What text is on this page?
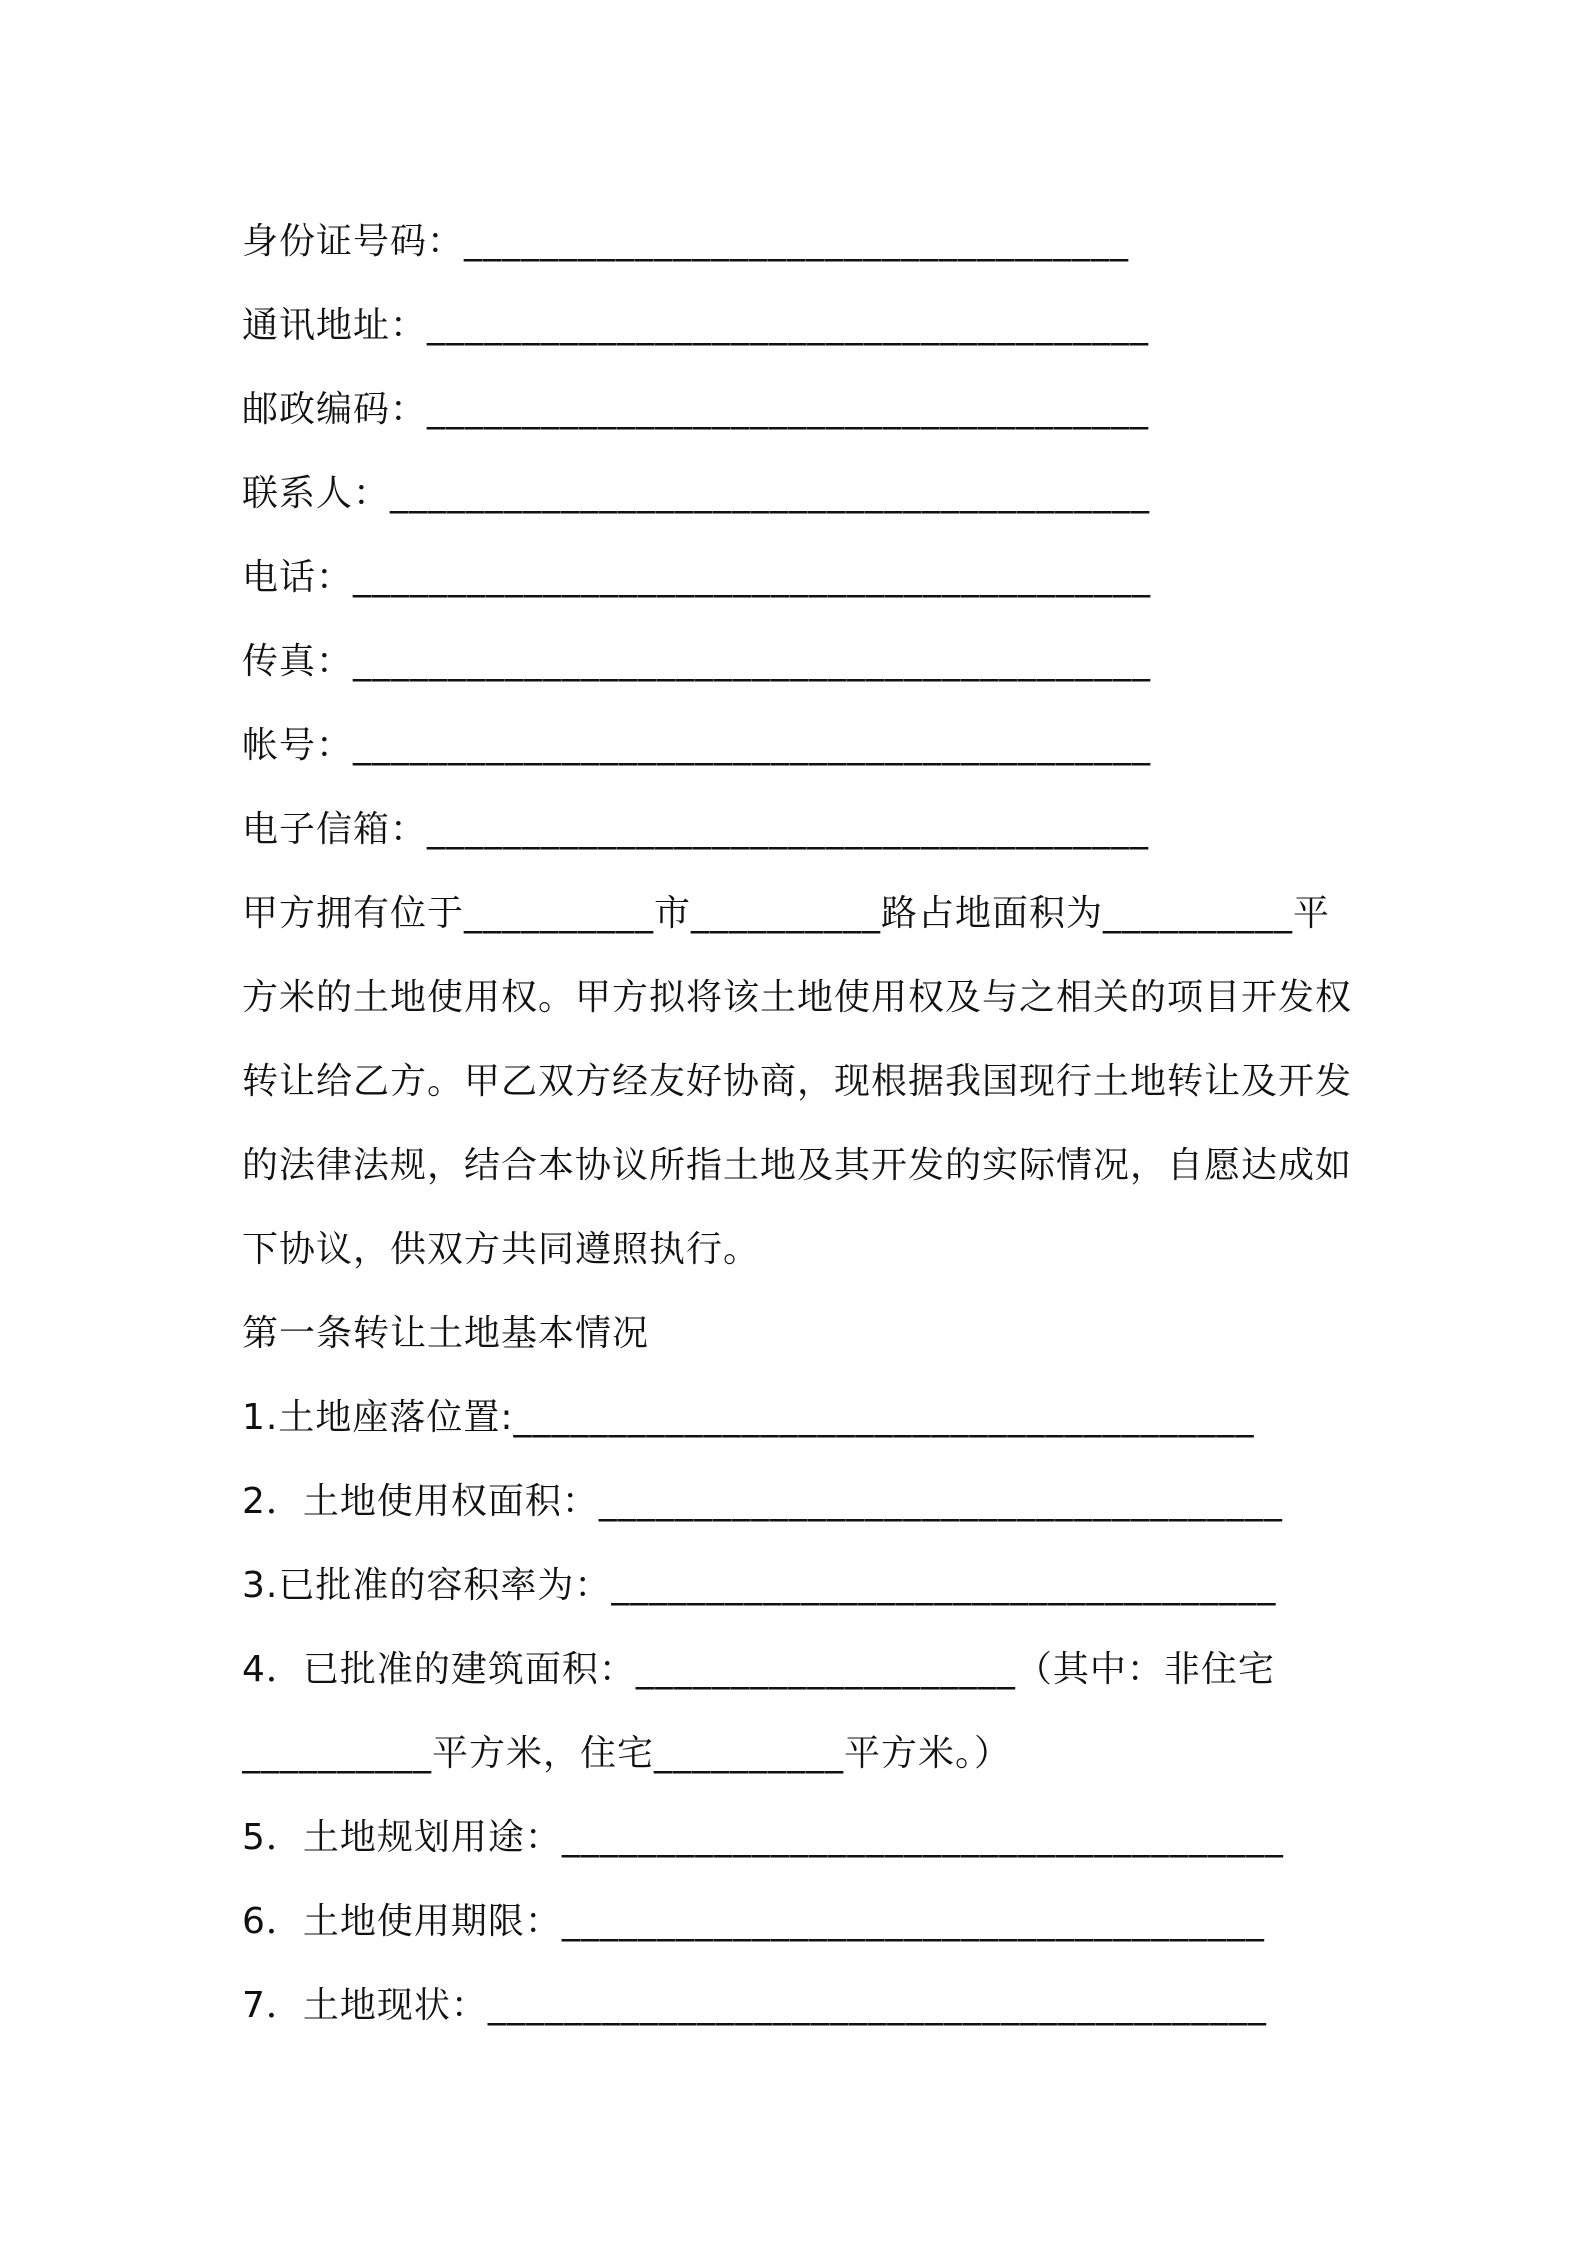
身份证号码：___________________________________
通讯地址：______________________________________
邮政编码：______________________________________
联系人：________________________________________
电话：__________________________________________
传真：__________________________________________
帐号：__________________________________________
电子信箱：______________________________________
甲方拥有位于__________市__________路占地面积为__________平方米的土地使用权。甲方拟将该土地使用权及与之相关的项目开发权转让给乙方。甲乙双方经友好协商，现根据我国现行土地转让及开发的法律法规，结合本协议所指土地及其开发的实际情况，自愿达成如下协议，供双方共同遵照执行。
第一条转让土地基本情况
1.土地座落位置:_______________________________________
2．土地使用权面积：____________________________________
3.已批准的容积率为：___________________________________
4．已批准的建筑面积：____________________（其中：非住宅
__________平方米，住宅__________平方米。）
5．土地规划用途：______________________________________
6．土地使用期限：_____________________________________
7．土地现状：_________________________________________
